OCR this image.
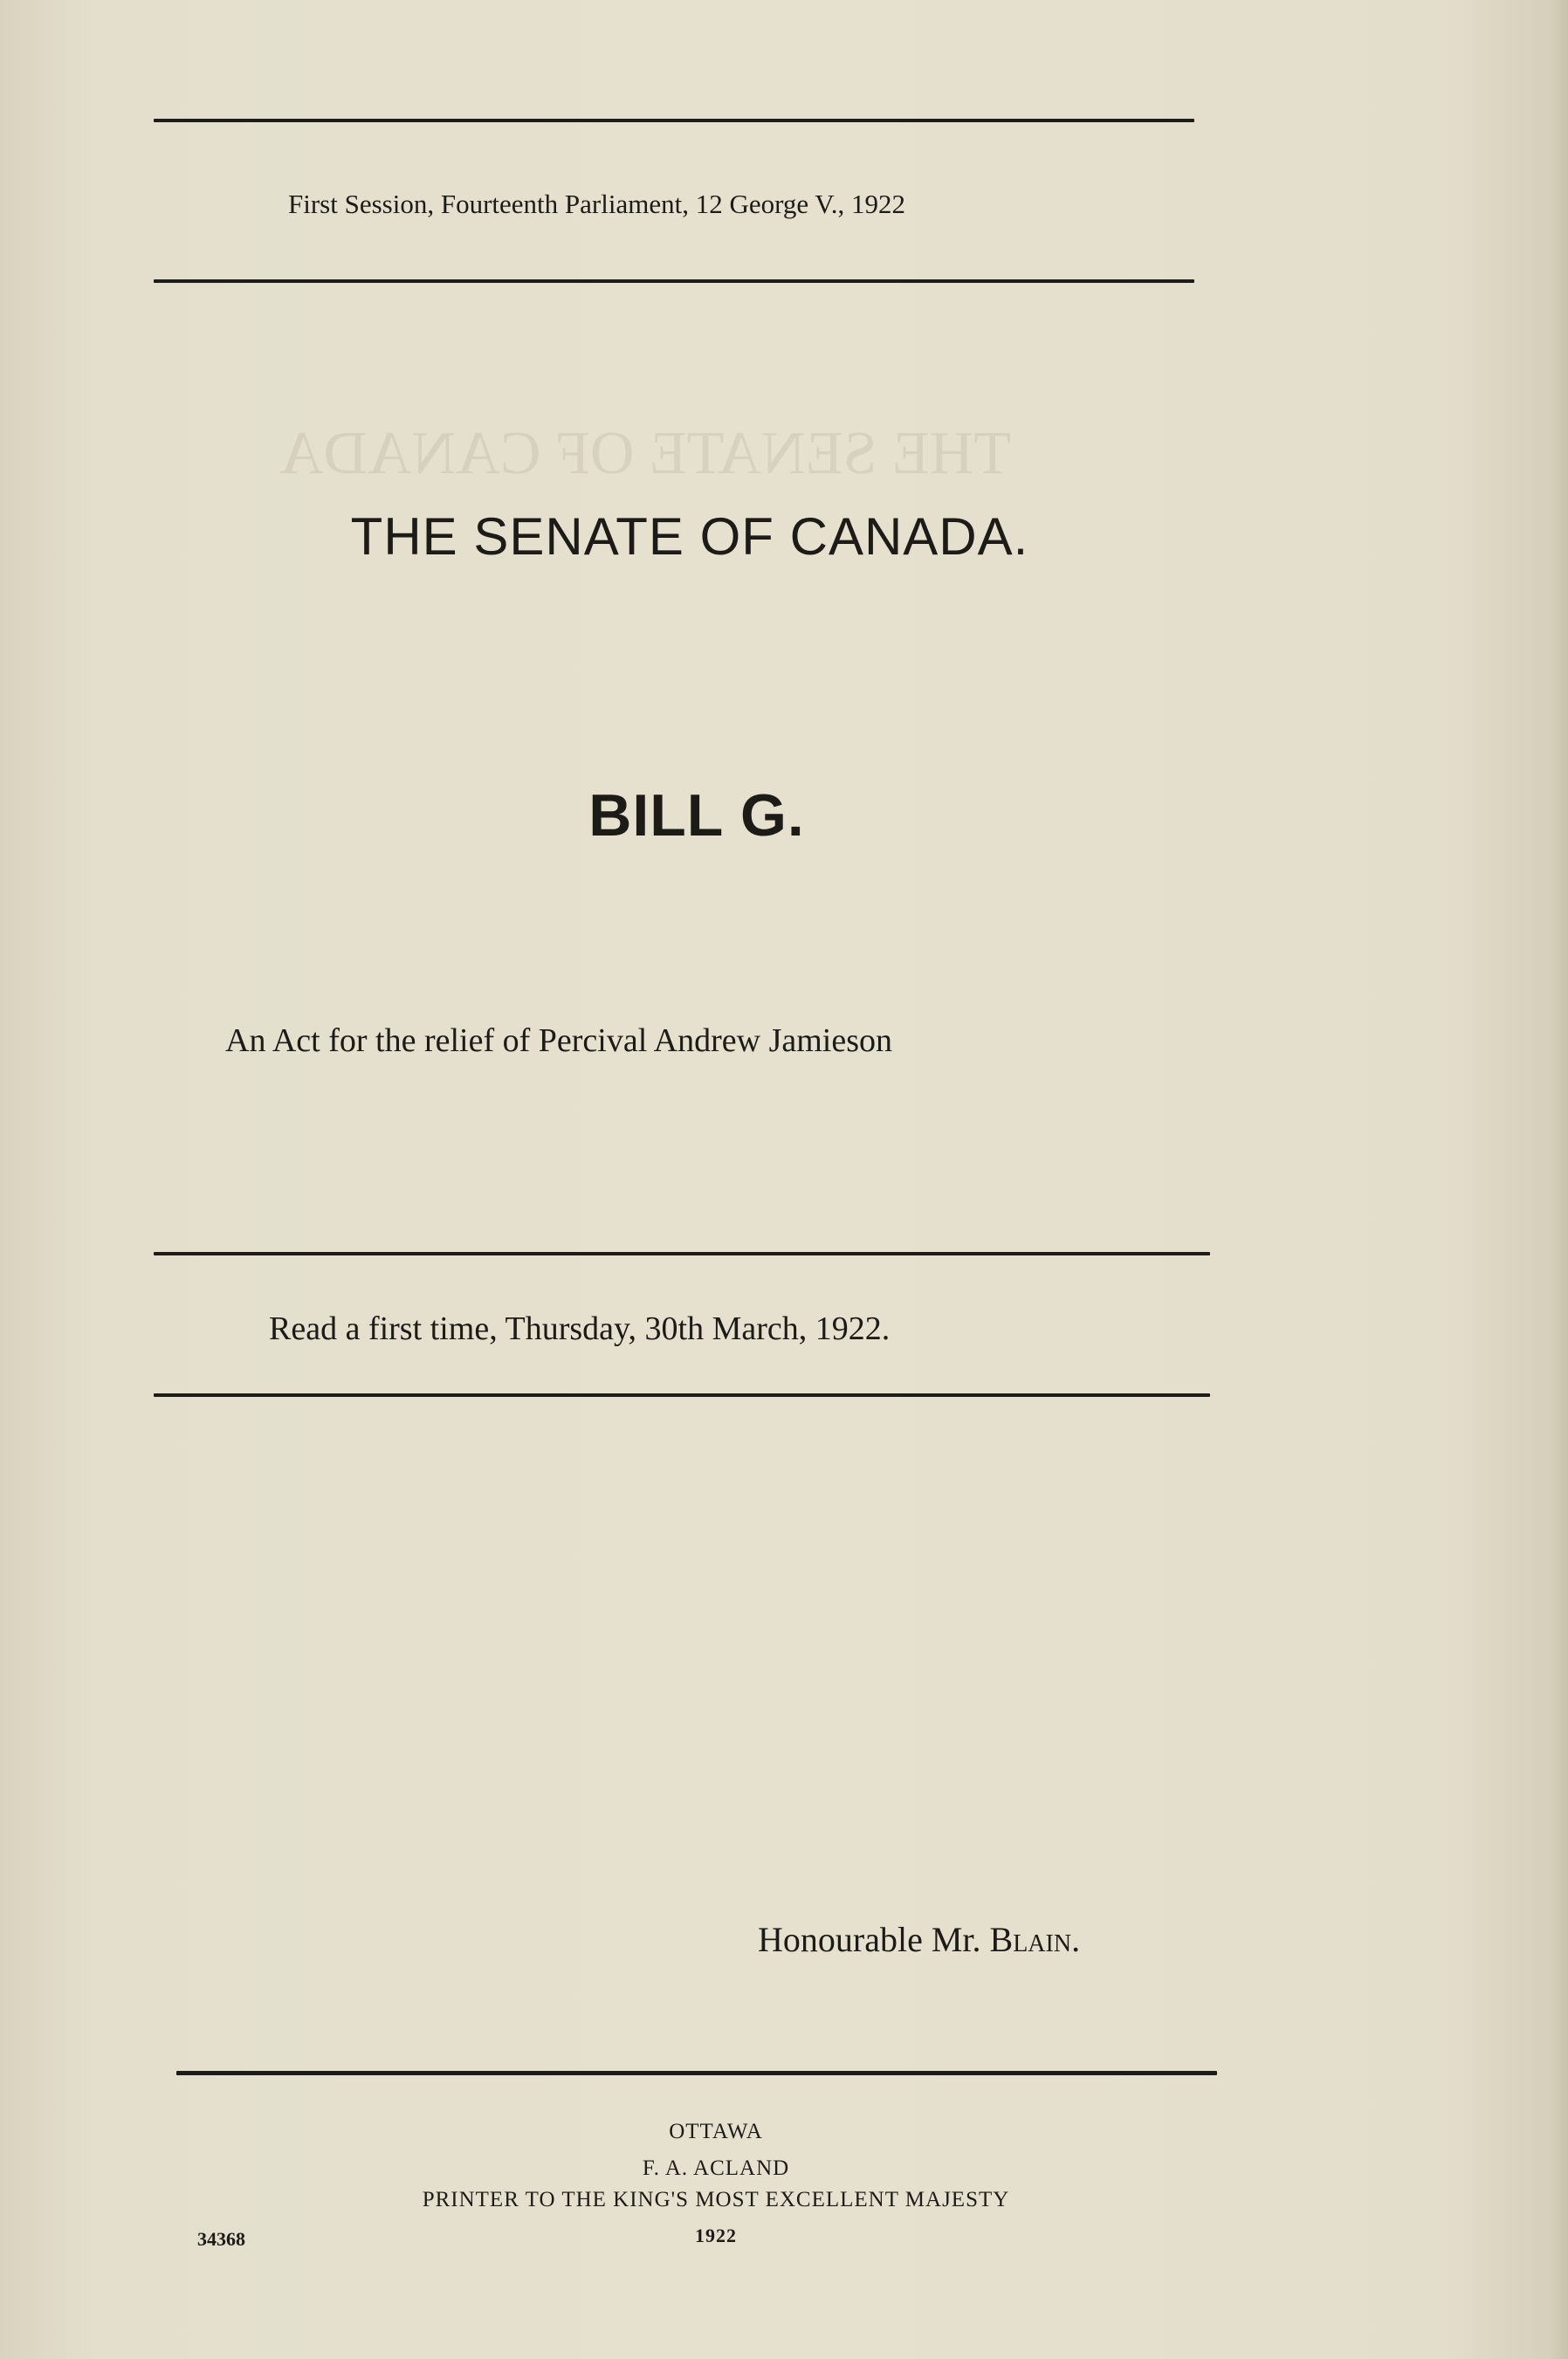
THE SENATE OF CANADA

First Session, Fourteenth Parliament, 12 George V., 1922
THE SENATE OF CANADA.
BILL G.
An Act for the relief of Percival Andrew Jamieson
Read a first time, Thursday, 30th March, 1922.
Honourable Mr. Blain.
OTTAWA
F. A. ACLAND
PRINTER TO THE KING'S MOST EXCELLENT MAJESTY
1922
34368
